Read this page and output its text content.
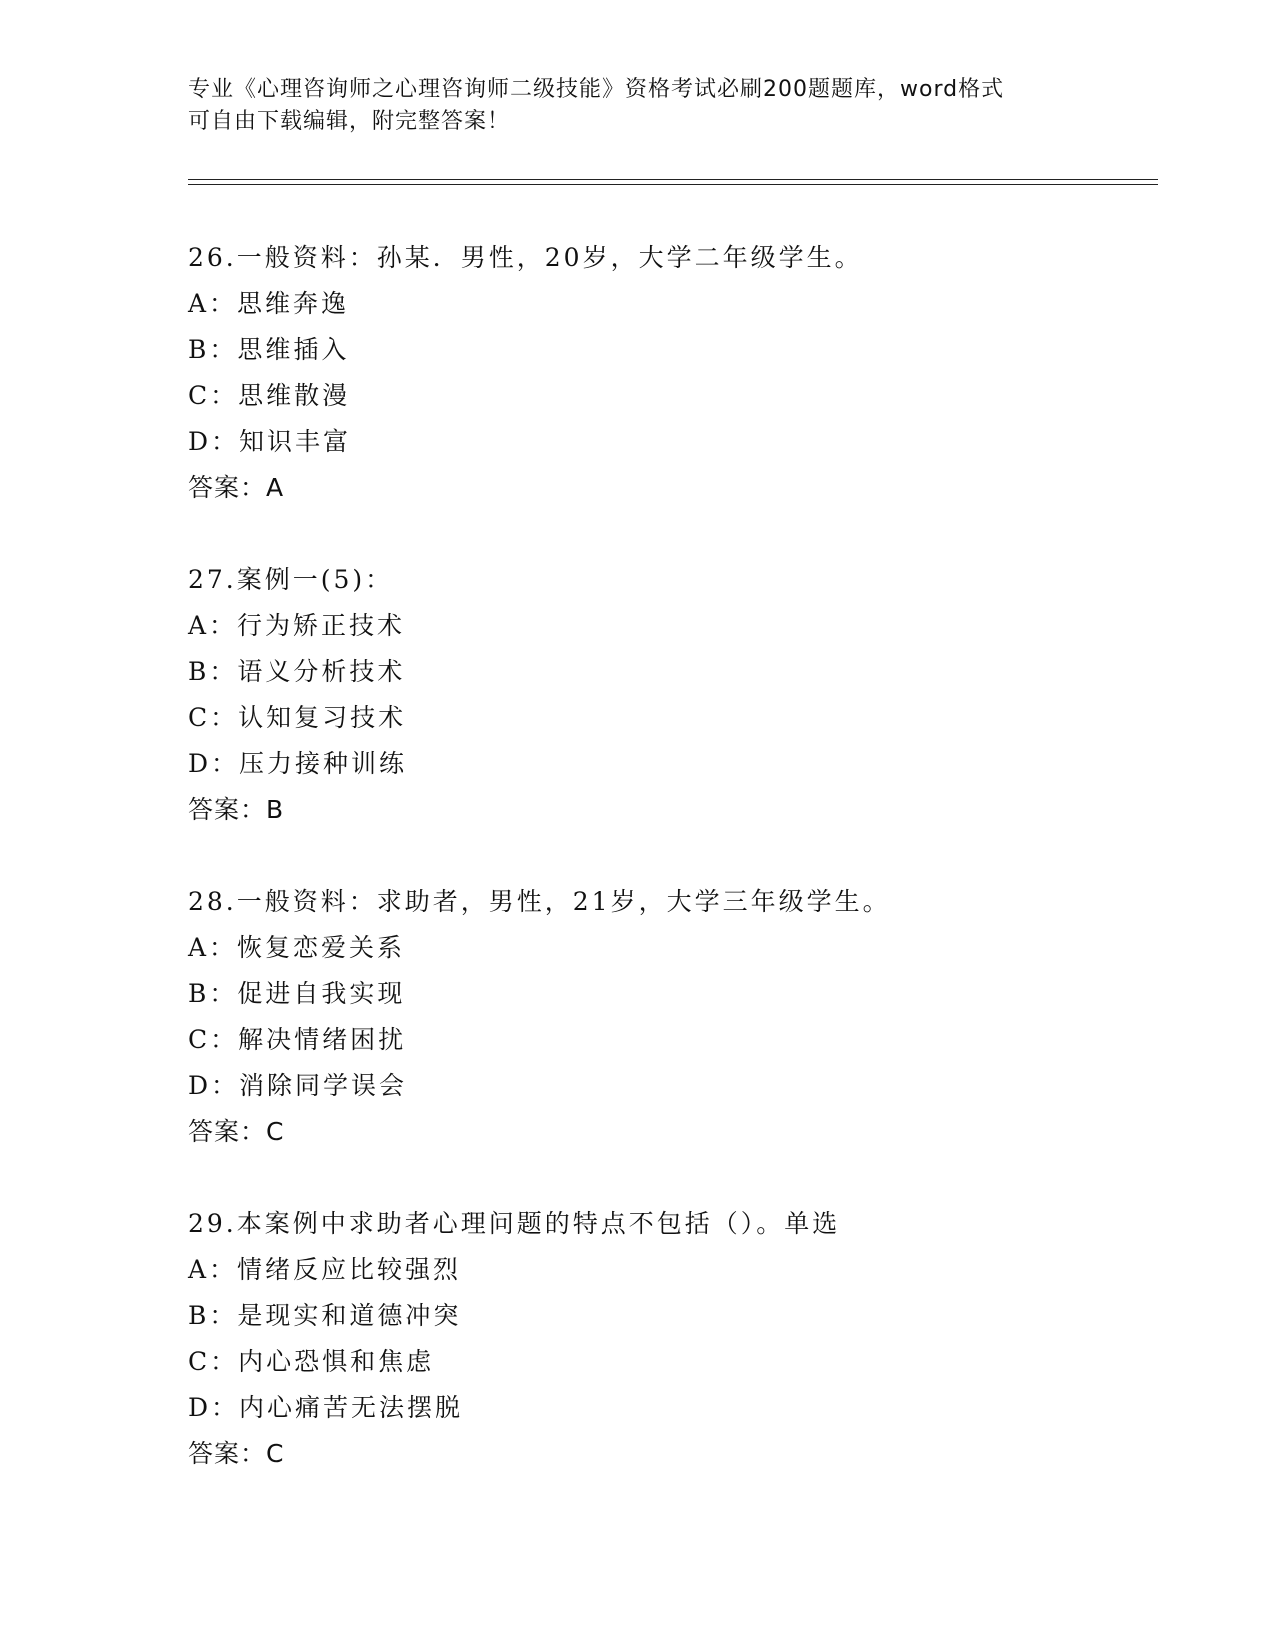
专业《心理咨询师之心理咨询师二级技能》资格考试必刷200题题库，word格式
可自由下载编辑，附完整答案！
26.一般资料：孙某．男性，20岁，大学二年级学生。
A：思维奔逸
B：思维插入
C：思维散漫
D：知识丰富
答案：A
27.案例一(5)：
A：行为矫正技术
B：语义分析技术
C：认知复习技术
D：压力接种训练
答案：B
28.一般资料：求助者，男性，21岁，大学三年级学生。
A：恢复恋爱关系
B：促进自我实现
C：解决情绪困扰
D：消除同学误会
答案：C
29.本案例中求助者心理问题的特点不包括（）。单选
A：情绪反应比较强烈
B：是现实和道德冲突
C：内心恐惧和焦虑
D：内心痛苦无法摆脱
答案：C
